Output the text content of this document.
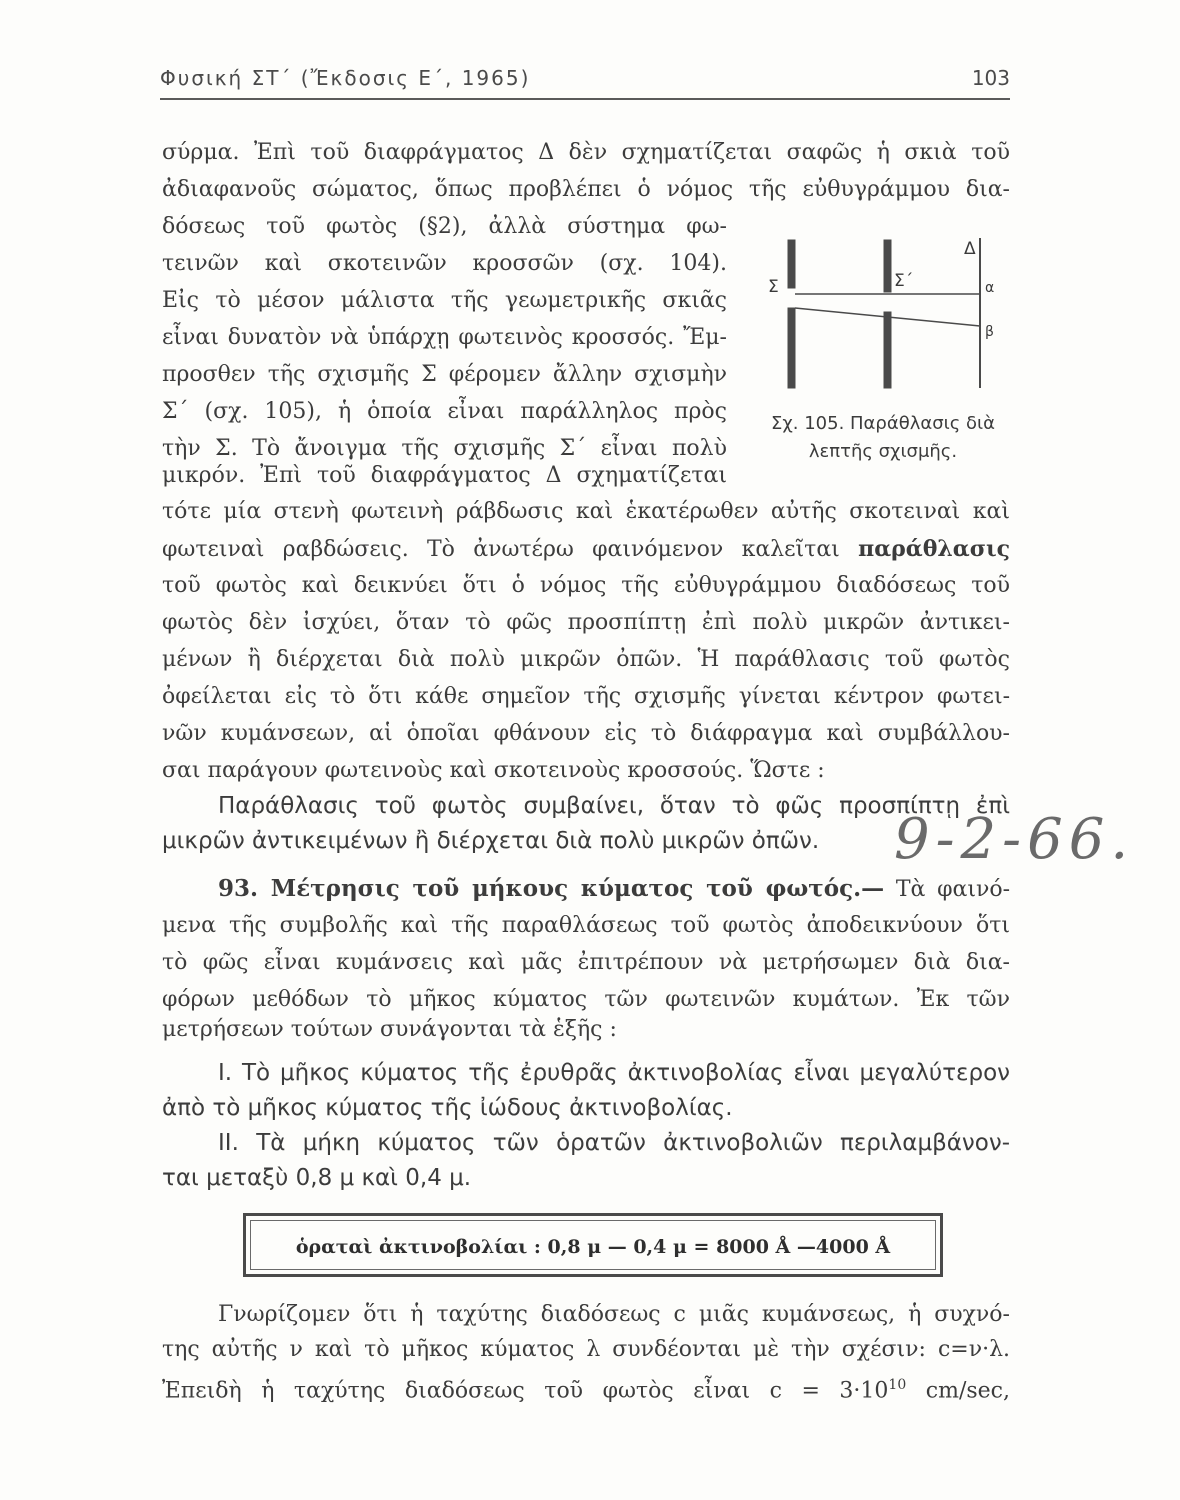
Φυσική ΣΤ΄ (Ἔκδοσις Ε΄, 1965)	103
σύρμα. Ἐπὶ τοῦ διαφράγματος Δ δὲν σχηματίζεται σαφῶς ἡ σκιὰ τοῦ
ἀδιαφανοῦς σώματος, ὅπως προβλέπει ὁ νόμος τῆς εὐθυγράμμου δια-
δόσεως τοῦ φωτὸς (§2), ἀλλὰ σύστημα φω-
τεινῶν καὶ σκοτεινῶν κροσσῶν (σχ. 104).
Εἰς τὸ μέσον μάλιστα τῆς γεωμετρικῆς σκιᾶς
εἶναι δυνατὸν νὰ ὑπάρχῃ φωτεινὸς κροσσός. Ἔμ-
προσθεν τῆς σχισμῆς Σ φέρομεν ἄλλην σχισμὴν
Σ΄ (σχ. 105), ἡ ὁποία εἶναι παράλληλος πρὸς
τὴν Σ. Τὸ ἄνοιγμα τῆς σχισμῆς Σ΄ εἶναι πολὺ
μικρόν. Ἐπὶ τοῦ διαφράγματος Δ σχηματίζεται
Σ	Σ΄
Δ
α
β
Σχ. 105. Παράθλασις διὰ
λεπτῆς σχισμῆς.
τότε μία στενὴ φωτεινὴ ράβδωσις καὶ ἑκατέρωθεν αὐτῆς σκοτειναὶ καὶ
φωτειναὶ ραβδώσεις. Τὸ ἀνωτέρω φαινόμενον καλεῖται παράθλασις
τοῦ φωτὸς καὶ δεικνύει ὅτι ὁ νόμος τῆς εὐθυγράμμου διαδόσεως τοῦ
φωτὸς δὲν ἰσχύει, ὅταν τὸ φῶς προσπίπτῃ ἐπὶ πολὺ μικρῶν ἀντικει-
μένων ἢ διέρχεται διὰ πολὺ μικρῶν ὀπῶν. Ἡ παράθλασις τοῦ φωτὸς
ὀφείλεται εἰς τὸ ὅτι κάθε σημεῖον τῆς σχισμῆς γίνεται κέντρον φωτει-
νῶν κυμάνσεων, αἱ ὁποῖαι φθάνουν εἰς τὸ διάφραγμα καὶ συμβάλλου-
σαι παράγουν φωτεινοὺς καὶ σκοτεινοὺς κροσσούς. Ὥστε :
Παράθλασις τοῦ φωτὸς συμβαίνει, ὅταν τὸ φῶς προσπίπτῃ ἐπὶ
μικρῶν ἀντικειμένων ἢ διέρχεται διὰ πολὺ μικρῶν ὀπῶν. 9-2-66.
93. Μέτρησις τοῦ μήκους κύματος τοῦ φωτός.— Τὰ φαινό-
μενα τῆς συμβολῆς καὶ τῆς παραθλάσεως τοῦ φωτὸς ἀποδεικνύουν ὅτι
τὸ φῶς εἶναι κυμάνσεις καὶ μᾶς ἐπιτρέπουν νὰ μετρήσωμεν διὰ δια-
φόρων μεθόδων τὸ μῆκος κύματος τῶν φωτεινῶν κυμάτων. Ἐκ τῶν
μετρήσεων τούτων συνάγονται τὰ ἑξῆς :
I. Τὸ μῆκος κύματος τῆς ἐρυθρᾶς ἀκτινοβολίας εἶναι μεγαλύτερον
ἀπὸ τὸ μῆκος κύματος τῆς ἰώδους ἀκτινοβολίας.
II. Τὰ μήκη κύματος τῶν ὁρατῶν ἀκτινοβολιῶν περιλαμβάνον-
ται μεταξὺ 0,8 μ καὶ 0,4 μ.
ὁραταὶ ἀκτινοβολίαι : 0,8 μ — 0,4 μ = 8000 Å —4000 Å
Γνωρίζομεν ὅτι ἡ ταχύτης διαδόσεως c μιᾶς κυμάνσεως, ἡ συχνό-
της αὐτῆς ν καὶ τὸ μῆκος κύματος λ συνδέονται μὲ τὴν σχέσιν: c=ν·λ.
Ἐπειδὴ ἡ ταχύτης διαδόσεως τοῦ φωτὸς εἶναι $c = 3\cdot 10^{10}$ cm/sec,
